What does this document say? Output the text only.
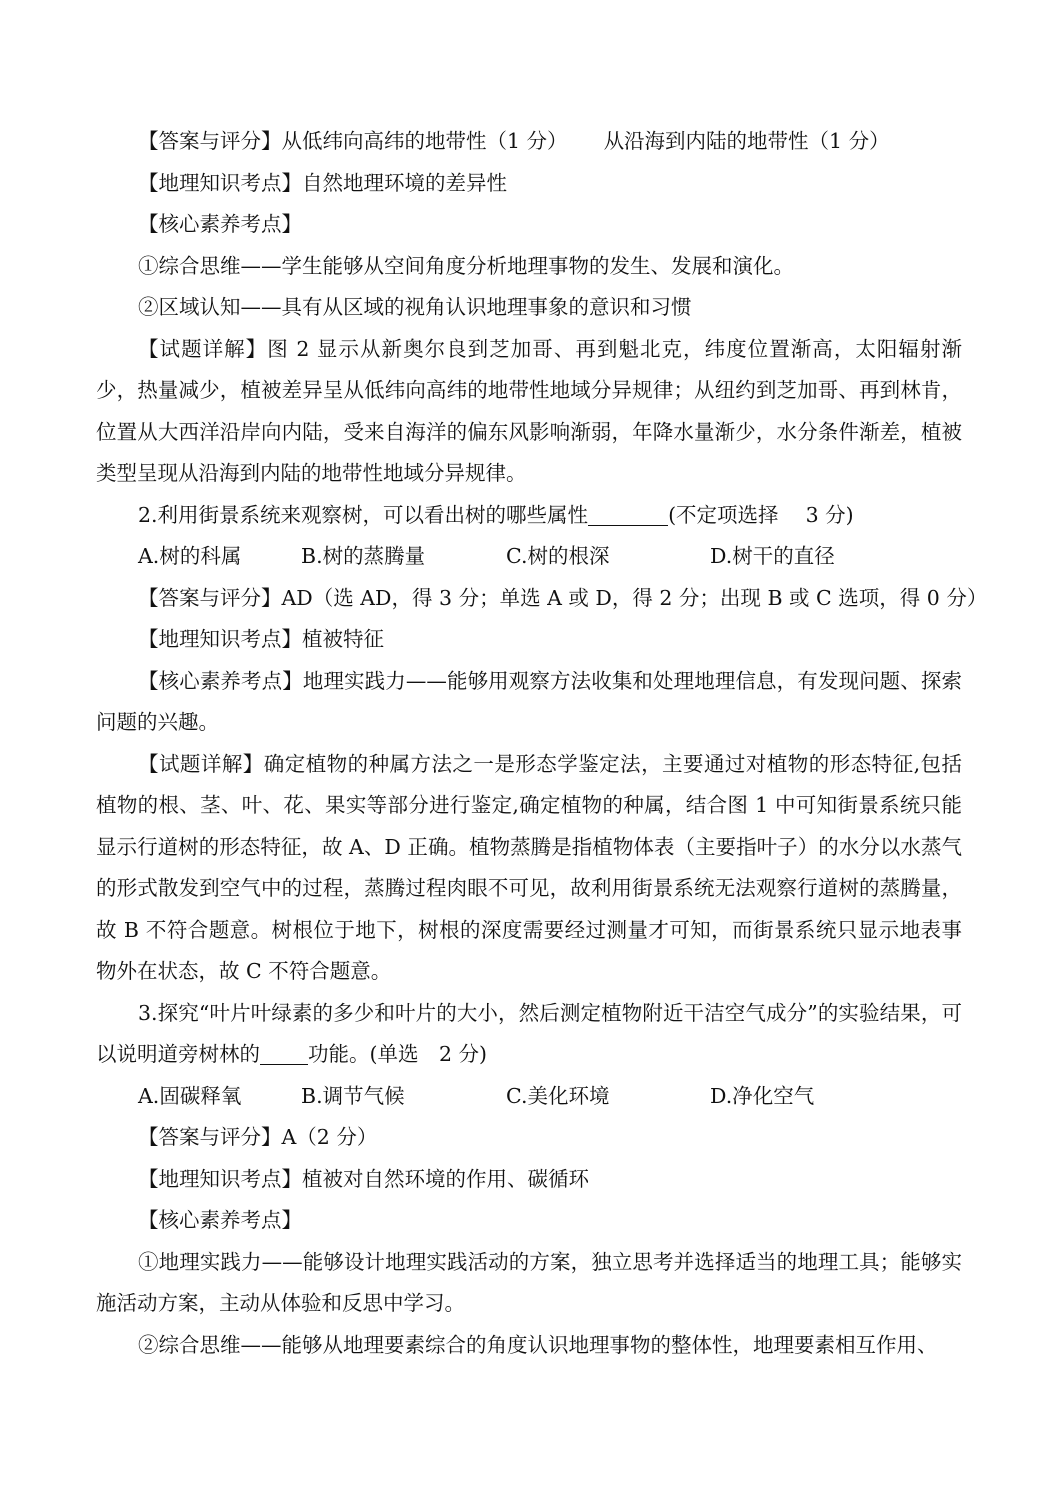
【答案与评分】从低纬向高纬的地带性（1 分） 从沿海到内陆的地带性（1 分）

【地理知识考点】自然地理环境的差异性

【核心素养考点】

①综合思维——学生能够从空间角度分析地理事物的发生、发展和演化。

②区域认知——具有从区域的视角认识地理事象的意识和习惯

【试题详解】图 2 显示从新奥尔良到芝加哥、再到魁北克，纬度位置渐高，太阳辐射渐少，热量减少，植被差异呈从低纬向高纬的地带性地域分异规律；从纽约到芝加哥、再到林肯，位置从大西洋沿岸向内陆，受来自海洋的偏东风影响渐弱，年降水量渐少，水分条件渐差，植被类型呈现从沿海到内陆的地带性地域分异规律。

2.利用街景系统来观察树，可以看出树的哪些属性	(不定项选择　 3 分)

A.树的科属	B.树的蒸腾量	C.树的根深	D.树干的直径

【答案与评分】AD（选 AD，得 3 分；单选 A 或 D，得 2 分；出现 B 或 C 选项，得 0 分）

【地理知识考点】植被特征

【核心素养考点】地理实践力——能够用观察方法收集和处理地理信息，有发现问题、探索问题的兴趣。

【试题详解】确定植物的种属方法之一是形态学鉴定法，主要通过对植物的形态特征,包括植物的根、茎、叶、花、果实等部分进行鉴定,确定植物的种属，结合图 1 中可知街景系统只能显示行道树的形态特征，故 A、D 正确。植物蒸腾是指植物体表（主要指叶子）的水分以水蒸气的形式散发到空气中的过程，蒸腾过程肉眼不可见，故利用街景系统无法观察行道树的蒸腾量，故 B 不符合题意。树根位于地下，树根的深度需要经过测量才可知，而街景系统只显示地表事物外在状态，故 C 不符合题意。

3.探究“叶片叶绿素的多少和叶片的大小，然后测定植物附近干洁空气成分”的实验结果，可以说明道旁树林的 功能。(单选　2 分)

A.固碳释氧	B.调节气候	C.美化环境	D.净化空气

【答案与评分】A（2 分）

【地理知识考点】植被对自然环境的作用、碳循环

【核心素养考点】

①地理实践力——能够设计地理实践活动的方案，独立思考并选择适当的地理工具；能够实施活动方案，主动从体验和反思中学习。

②综合思维——能够从地理要素综合的角度认识地理事物的整体性，地理要素相互作用、
